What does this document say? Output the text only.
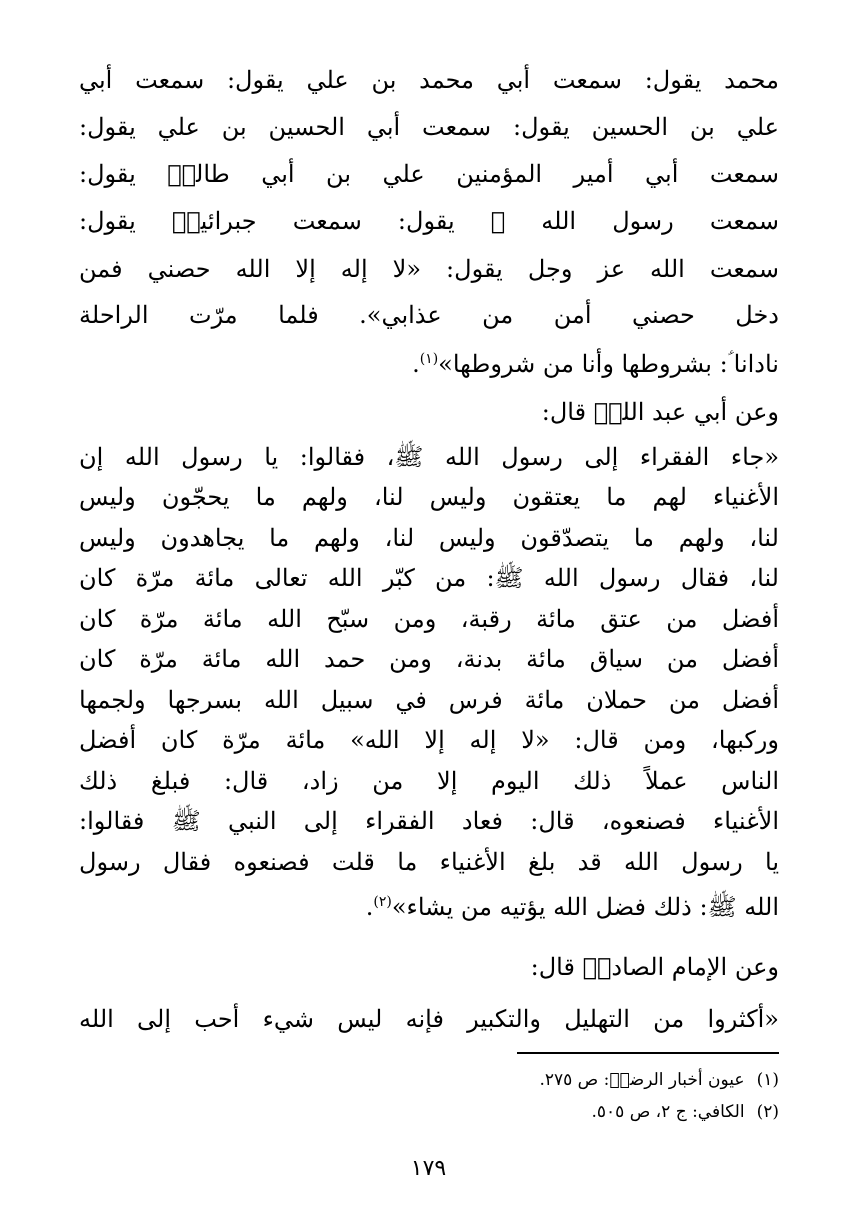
محمد يقول: سمعت أبي محمد بن علي يقول: سمعت أبي
علي بن الحسين يقول: سمعت أبي الحسين بن علي يقول:
سمعت أبي أمير المؤمنين علي بن أبي طالبؑ يقول:
سمعت رسول الله ﷺ يقول: سمعت جبرائيلؑ يقول:
سمعت الله عز وجل يقول: «لا إله إلا الله حصني فمن
دخل حصني أمن من عذابي». فلما مرّت الراحلة
نادانا ؑ: بشروطها وأنا من شروطها»$^{(١)}$.
وعن أبي عبد اللهؑ قال:
«جاء الفقراء إلى رسول الله ﷺ، فقالوا: يا رسول الله إن
الأغنياء لهم ما يعتقون وليس لنا، ولهم ما يحجّون وليس
لنا، ولهم ما يتصدّقون وليس لنا، ولهم ما يجاهدون وليس
لنا، فقال رسول الله ﷺ: من كبّر الله تعالى مائة مرّة كان
أفضل من عتق مائة رقبة، ومن سبّح الله مائة مرّة كان
أفضل من سياق مائة بدنة، ومن حمد الله مائة مرّة كان
أفضل من حملان مائة فرس في سبيل الله بسرجها ولجمها
وركبها، ومن قال: «لا إله إلا الله» مائة مرّة كان أفضل
الناس عملاً ذلك اليوم إلا من زاد، قال: فبلغ ذلك
الأغنياء فصنعوه، قال: فعاد الفقراء إلى النبي ﷺ فقالوا:
يا رسول الله قد بلغ الأغنياء ما قلت فصنعوه فقال رسول
الله ﷺ: ذلك فضل الله يؤتيه من يشاء»$^{(٢)}$.
وعن الإمام الصادقؑ قال:
«أكثروا من التهليل والتكبير فإنه ليس شيء أحب إلى الله
(١)عيون أخبار الرضاؑ: ص ٢٧٥.
(٢)الكافي: ج ٢، ص ٥٠٥.
١٧٩
